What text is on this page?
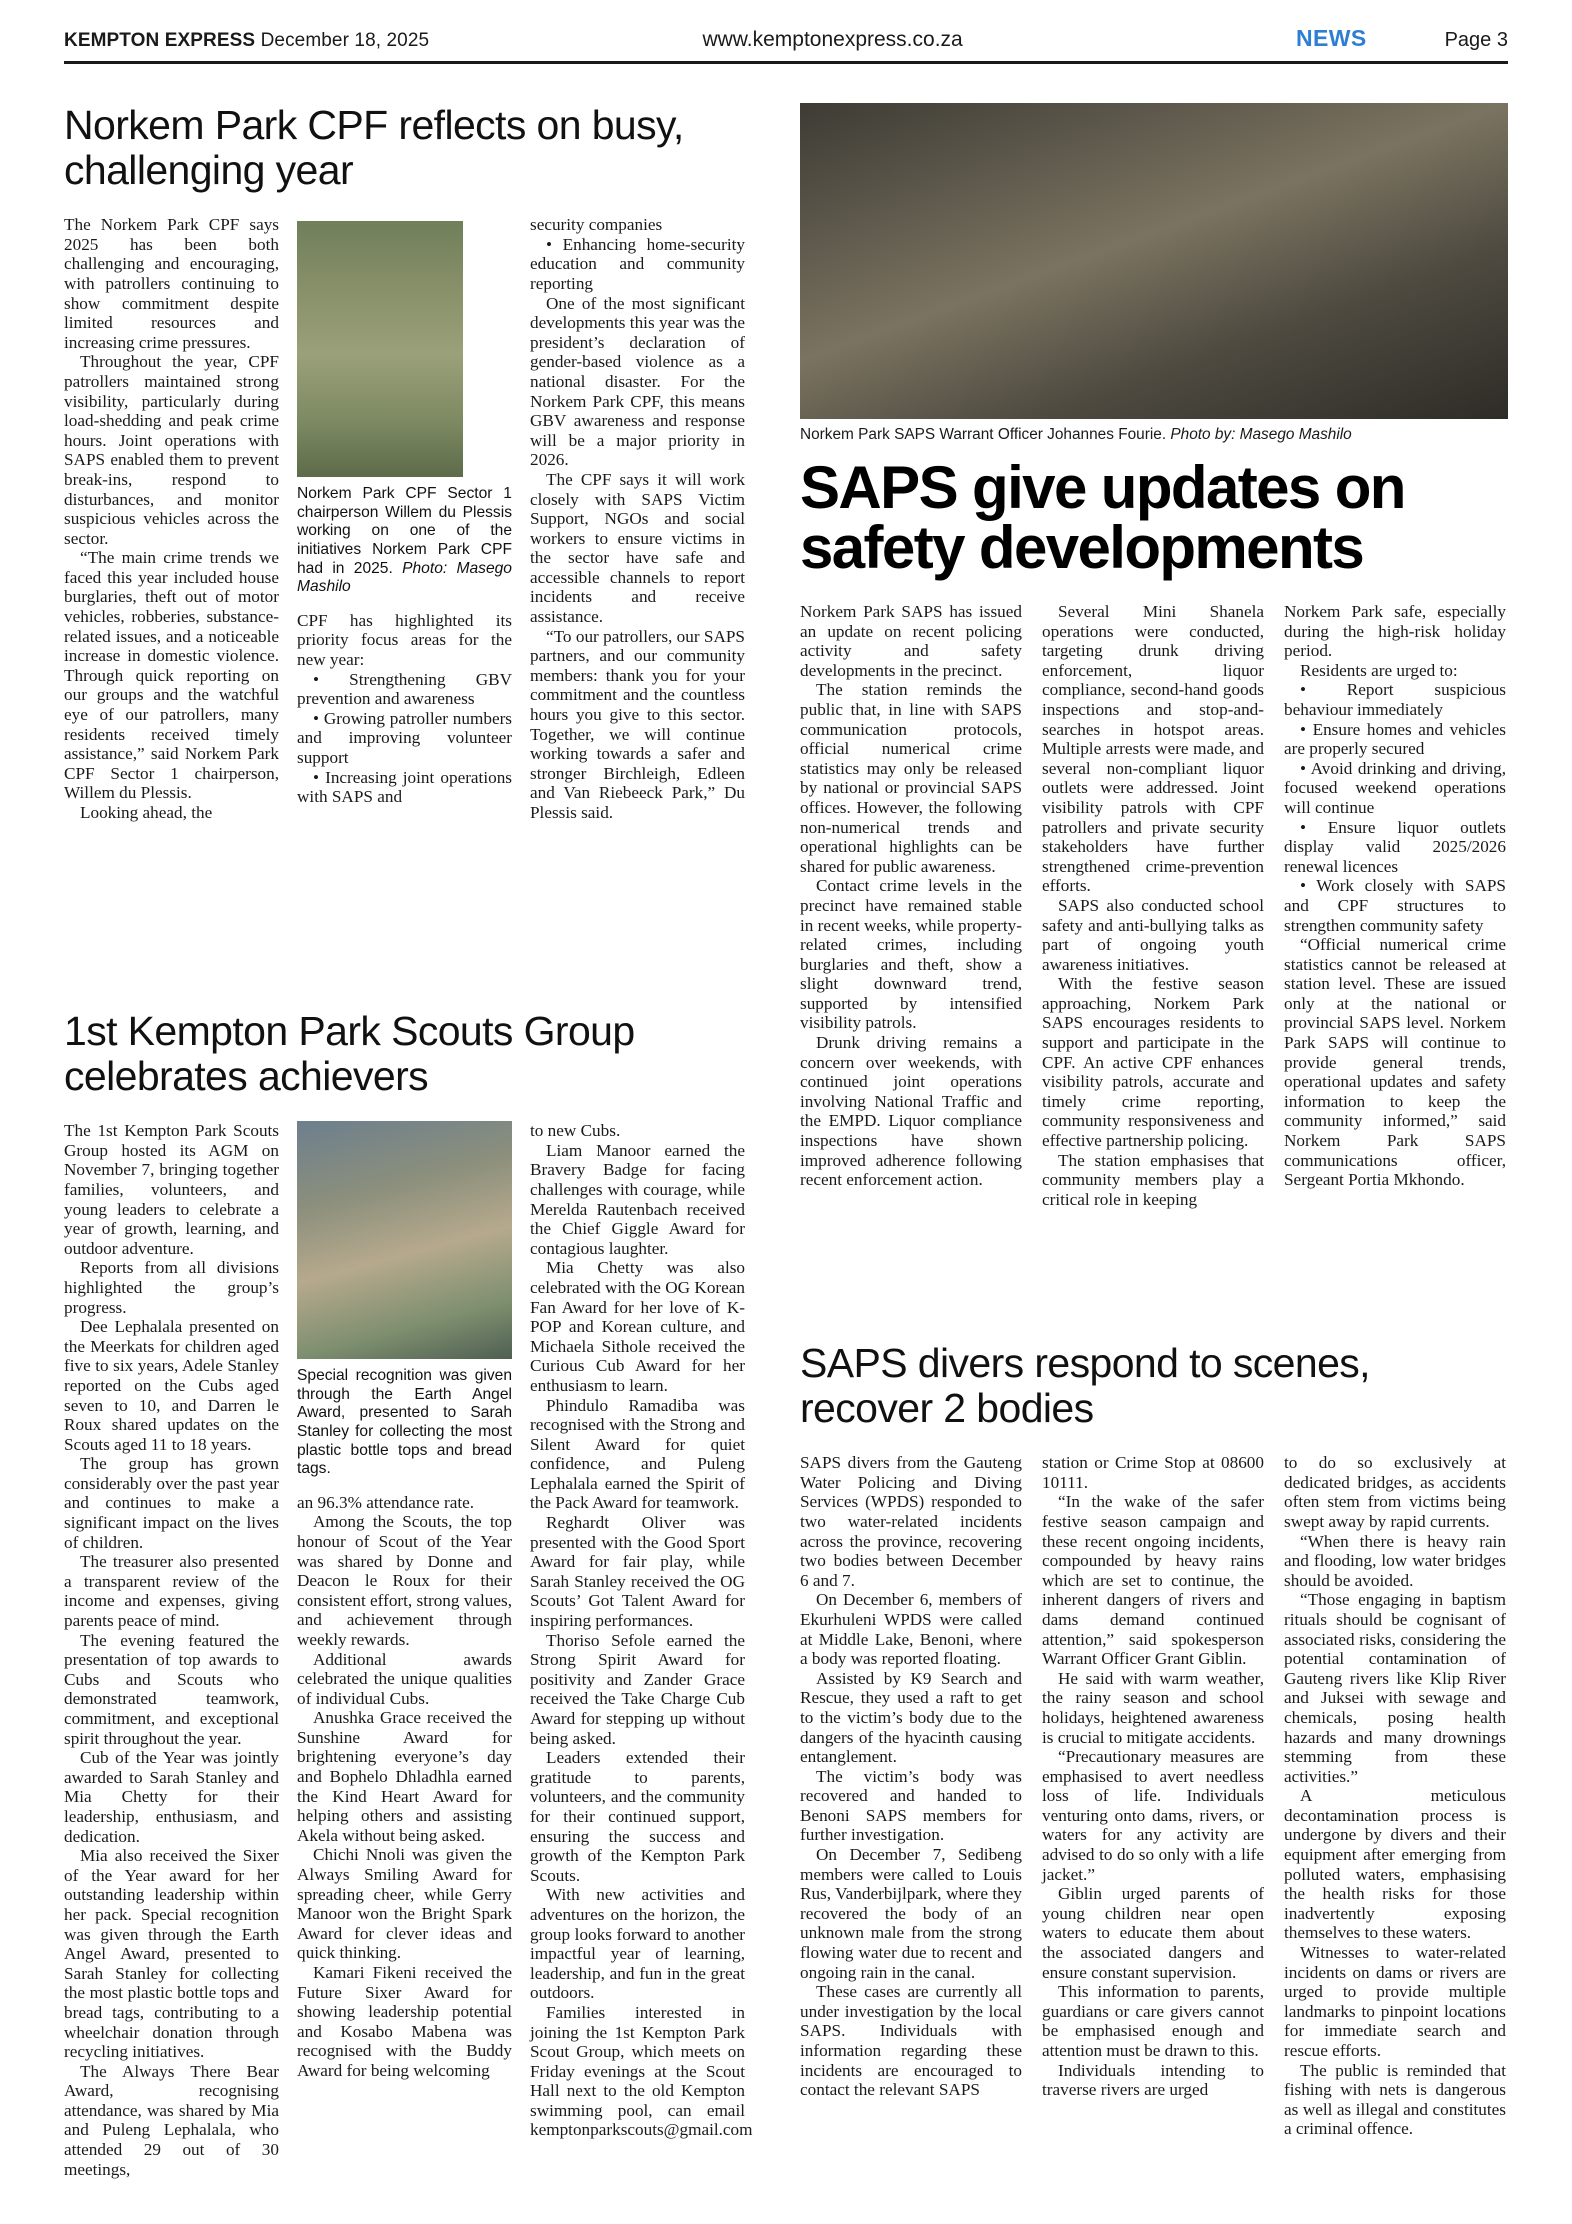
KEMPTON EXPRESS December 18, 2025	www.kemptonexpress.co.za	NEWS	Page 3
Norkem Park CPF reflects on busy, challenging year

The Norkem Park CPF says 2025 has been both challenging and encouraging, with patrollers continuing to show commitment despite limited resources and increasing crime pressures.

Throughout the year, CPF patrollers maintained strong visibility, particularly during load-shedding and peak crime hours. Joint operations with SAPS enabled them to prevent break-ins, respond to disturbances, and monitor suspicious vehicles across the sector.

“The main crime trends we faced this year included house burglaries, theft out of motor vehicles, robberies, substance-related issues, and a noticeable increase in domestic violence. Through quick reporting on our groups and the watchful eye of our patrollers, many residents received timely assistance,” said Norkem Park CPF Sector 1 chairperson, Willem du Plessis.

Looking ahead, the

Norkem Park CPF Sector 1 chairperson Willem du Plessis working on one of the initiatives Norkem Park CPF had in 2025. Photo: Masego Mashilo

CPF has highlighted its priority focus areas for the new year:

• Strengthening GBV prevention and awareness

• Growing patroller numbers and improving volunteer support

• Increasing joint operations with SAPS and

security companies

• Enhancing home-security education and community reporting

One of the most significant developments this year was the president’s declaration of gender-based violence as a national disaster. For the Norkem Park CPF, this means GBV awareness and response will be a major priority in 2026.

The CPF says it will work closely with SAPS Victim Support, NGOs and social workers to ensure victims in the sector have safe and accessible channels to report incidents and receive assistance.

“To our patrollers, our SAPS partners, and our community members: thank you for your commitment and the countless hours you give to this sector. Together, we will continue working towards a safer and stronger Birchleigh, Edleen and Van Riebeeck Park,” Du Plessis said.

Norkem Park SAPS Warrant Officer Johannes Fourie. Photo by: Masego Mashilo
SAPS give updates on safety developments

Norkem Park SAPS has issued an update on recent policing activity and safety developments in the precinct.

The station reminds the public that, in line with SAPS communication protocols, official numerical crime statistics may only be released by national or provincial SAPS offices. However, the following non-numerical trends and operational highlights can be shared for public awareness.

Contact crime levels in the precinct have remained stable in recent weeks, while property-related crimes, including burglaries and theft, show a slight downward trend, supported by intensified visibility patrols.

Drunk driving remains a concern over weekends, with continued joint operations involving National Traffic and the EMPD. Liquor compliance inspections have shown improved adherence following recent enforcement action.

Several Mini Shanela operations were conducted, targeting drunk driving enforcement, liquor compliance, second-hand goods inspections and stop-and-searches in hotspot areas. Multiple arrests were made, and several non-compliant liquor outlets were addressed. Joint visibility patrols with CPF patrollers and private security stakeholders have further strengthened crime-prevention efforts.

SAPS also conducted school safety and anti-bullying talks as part of ongoing youth awareness initiatives.

With the festive season approaching, Norkem Park SAPS encourages residents to support and participate in the CPF. An active CPF enhances visibility patrols, accurate and timely crime reporting, community responsiveness and effective partnership policing.

The station emphasises that community members play a critical role in keeping

Norkem Park safe, especially during the high-risk holiday period.

Residents are urged to:

• Report suspicious behaviour immediately

• Ensure homes and vehicles are properly secured

• Avoid drinking and driving, focused weekend operations will continue

• Ensure liquor outlets display valid 2025/2026 renewal licences

• Work closely with SAPS and CPF structures to strengthen community safety

“Official numerical crime statistics cannot be released at station level. These are issued only at the national or provincial SAPS level. Norkem Park SAPS will continue to provide general trends, operational updates and safety information to keep the community informed,” said Norkem Park SAPS communications officer, Sergeant Portia Mkhondo.

1st Kempton Park Scouts Group celebrates achievers

The 1st Kempton Park Scouts Group hosted its AGM on November 7, bringing together families, volunteers, and young leaders to celebrate a year of growth, learning, and outdoor adventure.

Reports from all divisions highlighted the group’s progress.

Dee Lephalala presented on the Meerkats for children aged five to six years, Adele Stanley reported on the Cubs aged seven to 10, and Darren le Roux shared updates on the Scouts aged 11 to 18 years.

The group has grown considerably over the past year and continues to make a significant impact on the lives of children.

The treasurer also presented a transparent review of the income and expenses, giving parents peace of mind.

The evening featured the presentation of top awards to Cubs and Scouts who demonstrated teamwork, commitment, and exceptional spirit throughout the year.

Cub of the Year was jointly awarded to Sarah Stanley and Mia Chetty for their leadership, enthusiasm, and dedication.

Mia also received the Sixer of the Year award for her outstanding leadership within her pack. Special recognition was given through the Earth Angel Award, presented to Sarah Stanley for collecting the most plastic bottle tops and bread tags, contributing to a wheelchair donation through recycling initiatives.

The Always There Bear Award, recognising attendance, was shared by Mia and Puleng Lephalala, who attended 29 out of 30 meetings,

Special recognition was given through the Earth Angel Award, presented to Sarah Stanley for collecting the most plastic bottle tops and bread tags.

an 96.3% attendance rate.

Among the Scouts, the top honour of Scout of the Year was shared by Donne and Deacon le Roux for their consistent effort, strong values, and achievement through weekly rewards.

Additional awards celebrated the unique qualities of individual Cubs.

Anushka Grace received the Sunshine Award for brightening everyone’s day and Bophelo Dhladhla earned the Kind Heart Award for helping others and assisting Akela without being asked.

Chichi Nnoli was given the Always Smiling Award for spreading cheer, while Gerry Manoor won the Bright Spark Award for clever ideas and quick thinking.

Kamari Fikeni received the Future Sixer Award for showing leadership potential and Kosabo Mabena was recognised with the Buddy Award for being welcoming

to new Cubs.

Liam Manoor earned the Bravery Badge for facing challenges with courage, while Merelda Rautenbach received the Chief Giggle Award for contagious laughter.

Mia Chetty was also celebrated with the OG Korean Fan Award for her love of K-POP and Korean culture, and Michaela Sithole received the Curious Cub Award for her enthusiasm to learn.

Phindulo Ramadiba was recognised with the Strong and Silent Award for quiet confidence, and Puleng Lephalala earned the Spirit of the Pack Award for teamwork.

Reghardt Oliver was presented with the Good Sport Award for fair play, while Sarah Stanley received the OG Scouts’ Got Talent Award for inspiring performances.

Thoriso Sefole earned the Strong Spirit Award for positivity and Zander Grace received the Take Charge Cub Award for stepping up without being asked.

Leaders extended their gratitude to parents, volunteers, and the community for their continued support, ensuring the success and growth of the Kempton Park Scouts.

With new activities and adventures on the horizon, the group looks forward to another impactful year of learning, leadership, and fun in the great outdoors.

Families interested in joining the 1st Kempton Park Scout Group, which meets on Friday evenings at the Scout Hall next to the old Kempton swimming pool, can email kemptonparkscouts@gmail.com

SAPS divers respond to scenes, recover 2 bodies

SAPS divers from the Gauteng Water Policing and Diving Services (WPDS) responded to two water-related incidents across the province, recovering two bodies between December 6 and 7.

On December 6, members of Ekurhuleni WPDS were called at Middle Lake, Benoni, where a body was reported floating.

Assisted by K9 Search and Rescue, they used a raft to get to the victim’s body due to the dangers of the hyacinth causing entanglement.

The victim’s body was recovered and handed to Benoni SAPS members for further investigation.

On December 7, Sedibeng members were called to Louis Rus, Vanderbijlpark, where they recovered the body of an unknown male from the strong flowing water due to recent and ongoing rain in the canal.

These cases are currently all under investigation by the local SAPS. Individuals with information regarding these incidents are encouraged to contact the relevant SAPS

station or Crime Stop at 08600 10111.

“In the wake of the safer festive season campaign and these recent ongoing incidents, compounded by heavy rains which are set to continue, the inherent dangers of rivers and dams demand continued attention,” said spokesperson Warrant Officer Grant Giblin.

He said with warm weather, the rainy season and school holidays, heightened awareness is crucial to mitigate accidents.

“Precautionary measures are emphasised to avert needless loss of life. Individuals venturing onto dams, rivers, or waters for any activity are advised to do so only with a life jacket.”

Giblin urged parents of young children near open waters to educate them about the associated dangers and ensure constant supervision.

This information to parents, guardians or care givers cannot be emphasised enough and attention must be drawn to this.

Individuals intending to traverse rivers are urged

to do so exclusively at dedicated bridges, as accidents often stem from victims being swept away by rapid currents.

“When there is heavy rain and flooding, low water bridges should be avoided.

“Those engaging in baptism rituals should be cognisant of associated risks, considering the potential contamination of Gauteng rivers like Klip River and Juksei with sewage and chemicals, posing health hazards and many drownings stemming from these activities.”

A meticulous decontamination process is undergone by divers and their equipment after emerging from polluted waters, emphasising the health risks for those inadvertently exposing themselves to these waters.

Witnesses to water-related incidents on dams or rivers are urged to provide multiple landmarks to pinpoint locations for immediate search and rescue efforts.

The public is reminded that fishing with nets is dangerous as well as illegal and constitutes a criminal offence.
